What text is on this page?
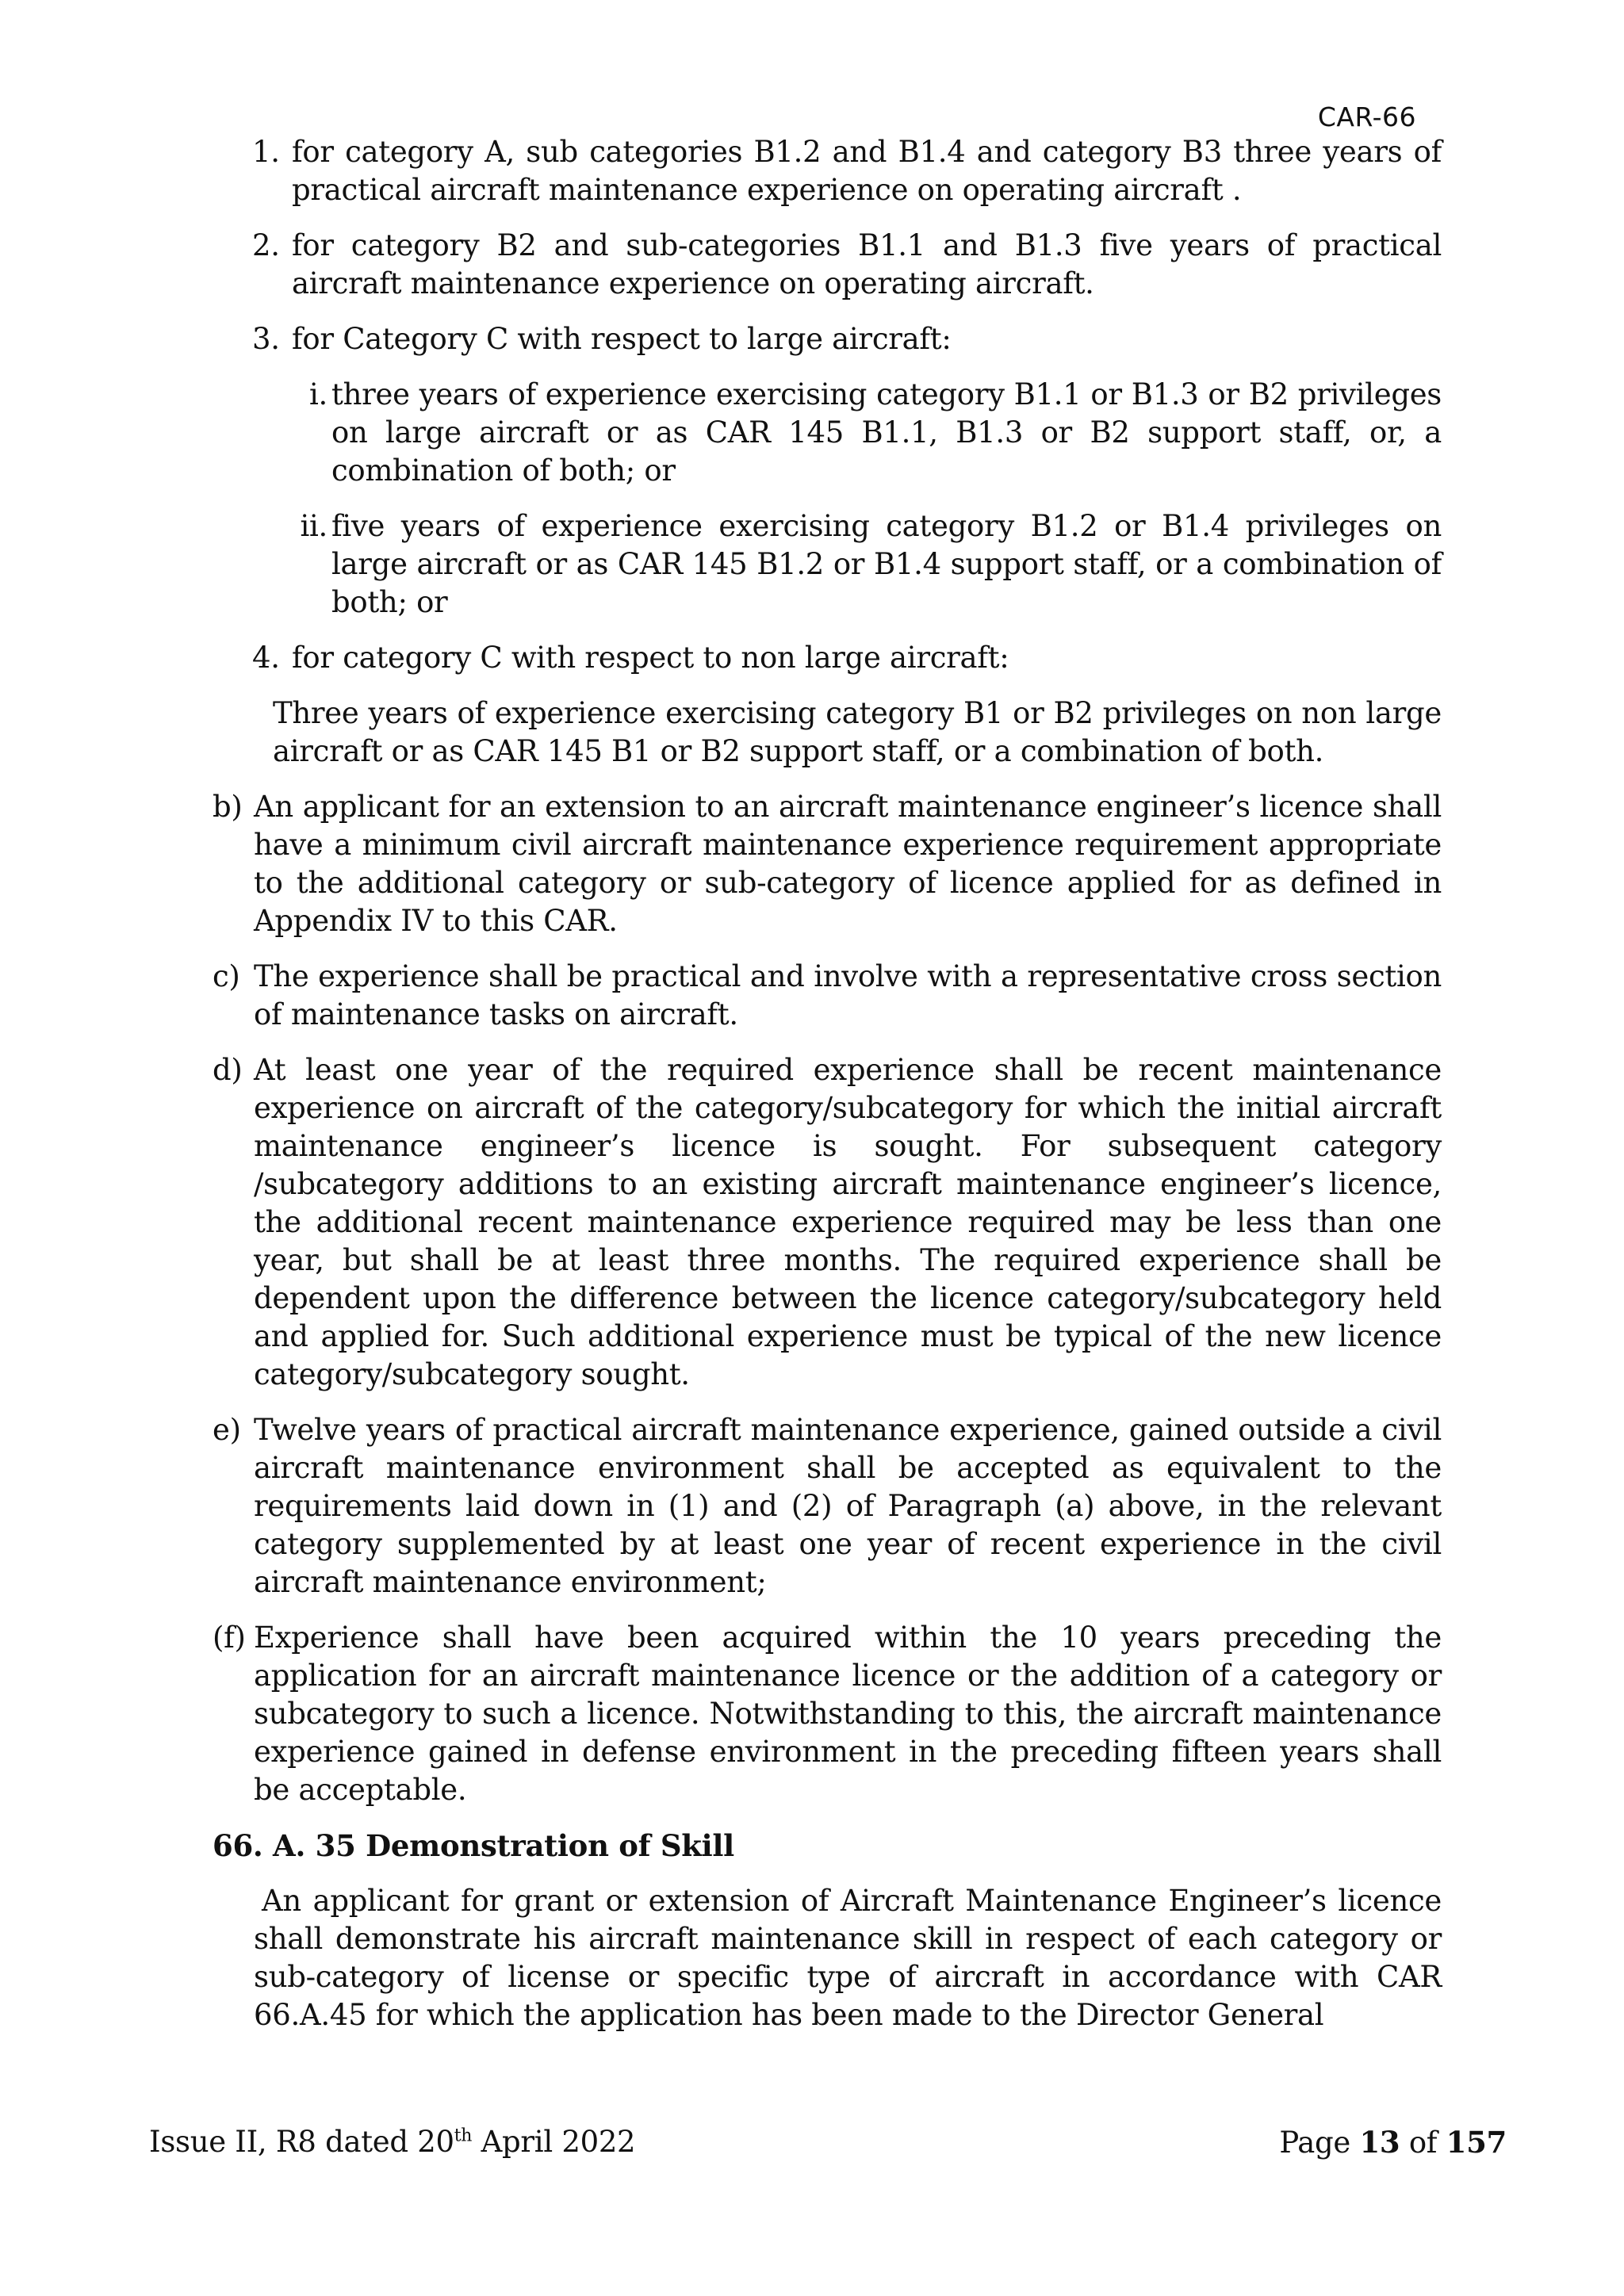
CAR-66
1. for category A, sub categories B1.2 and B1.4 and category B3 three years of practical aircraft maintenance experience on operating aircraft .
2. for category B2 and sub-categories B1.1 and B1.3 five years of practical aircraft maintenance experience on operating aircraft.
3. for Category C with respect to large aircraft:
i. three years of experience exercising category B1.1 or B1.3 or B2 privileges on large aircraft or as CAR 145 B1.1, B1.3 or B2 support staff, or, a combination of both; or
ii. five years of experience exercising category B1.2 or B1.4 privileges on large aircraft or as CAR 145 B1.2 or B1.4 support staff, or a combination of both; or
4. for category C with respect to non large aircraft:
Three years of experience exercising category B1 or B2 privileges on non large aircraft or as CAR 145 B1 or B2 support staff, or a combination of both.
b) An applicant for an extension to an aircraft maintenance engineer’s licence shall have a minimum civil aircraft maintenance experience requirement appropriate to the additional category or sub-category of licence applied for as defined in Appendix IV to this CAR.
c) The experience shall be practical and involve with a representative cross section of maintenance tasks on aircraft.
d) At least one year of the required experience shall be recent maintenance experience on aircraft of the category/subcategory for which the initial aircraft maintenance engineer’s licence is sought. For subsequent category /subcategory additions to an existing aircraft maintenance engineer’s licence, the additional recent maintenance experience required may be less than one year, but shall be at least three months. The required experience shall be dependent upon the difference between the licence category/subcategory held and applied for. Such additional experience must be typical of the new licence category/subcategory sought.
e) Twelve years of practical aircraft maintenance experience, gained outside a civil aircraft maintenance environment shall be accepted as equivalent to the requirements laid down in (1) and (2) of Paragraph (a) above, in the relevant category supplemented by at least one year of recent experience in the civil aircraft maintenance environment;
(f) Experience shall have been acquired within the 10 years preceding the application for an aircraft maintenance licence or the addition of a category or subcategory to such a licence. Notwithstanding to this, the aircraft maintenance experience gained in defense environment in the preceding fifteen years shall be acceptable.
66. A. 35 Demonstration of Skill
An applicant for grant or extension of Aircraft Maintenance Engineer’s licence shall demonstrate his aircraft maintenance skill in respect of each category or sub-category of license or specific type of aircraft in accordance with CAR 66.A.45 for which the application has been made to the Director General
Issue II, R8 dated 20th April 2022	Page 13 of 157
